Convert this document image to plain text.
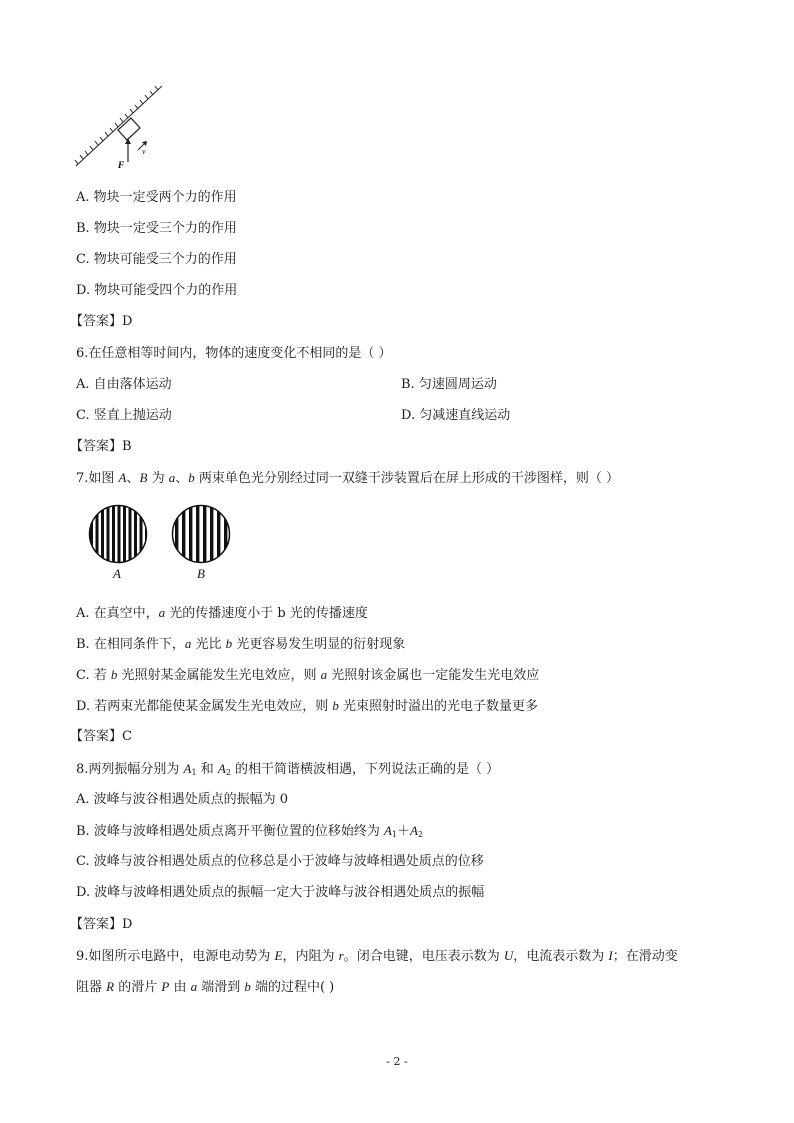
F
v
A. 物块一定受两个力的作用
B. 物块一定受三个力的作用
C. 物块可能受三个力的作用
D. 物块可能受四个力的作用
【答案】D
6.在任意相等时间内，物体的速度变化不相同的是（ ）
A. 自由落体运动	B. 匀速圆周运动
C. 竖直上抛运动	D. 匀减速直线运动
【答案】B
7.如图 A、B 为 a、b 两束单色光分别经过同一双缝干涉装置后在屏上形成的干涉图样，则（ ）
A	B
A. 在真空中，a 光的传播速度小于 b 光的传播速度
B. 在相同条件下，a 光比 b 光更容易发生明显的衍射现象
C. 若 b 光照射某金属能发生光电效应，则 a 光照射该金属也一定能发生光电效应
D. 若两束光都能使某金属发生光电效应，则 b 光束照射时溢出的光电子数量更多
【答案】C
8.两列振幅分别为 $A_1$ 和 $A_2$ 的相干简谐横波相遇，下列说法正确的是（ ）
A. 波峰与波谷相遇处质点的振幅为 0
B. 波峰与波峰相遇处质点离开平衡位置的位移始终为 $A_1+A_2$
C. 波峰与波谷相遇处质点的位移总是小于波峰与波峰相遇处质点的位移
D. 波峰与波峰相遇处质点的振幅一定大于波峰与波谷相遇处质点的振幅
【答案】D
9.如图所示电路中，电源电动势为 E，内阻为 r。闭合电键，电压表示数为 U，电流表示数为 I；在滑动变
阻器 R 的滑片 P 由 a 端滑到 b 端的过程中( )
- 2 -
